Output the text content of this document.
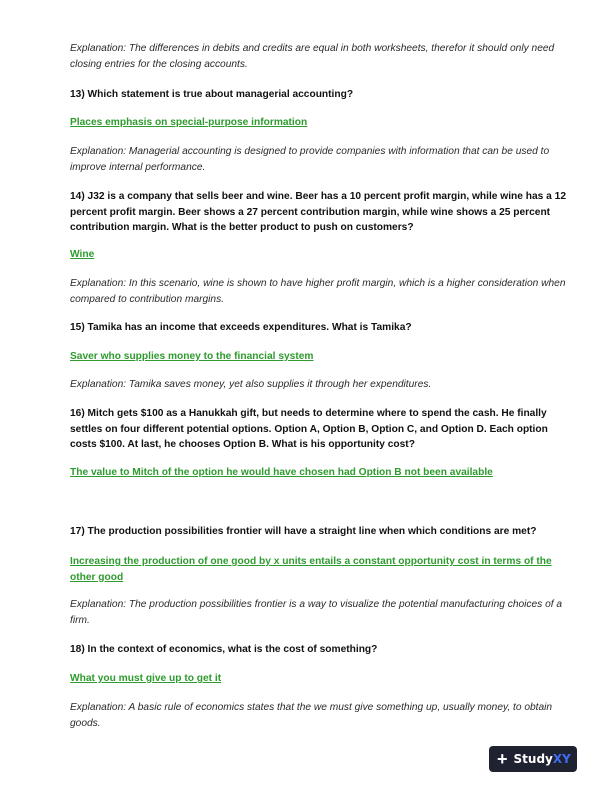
Explanation: The differences in debits and credits are equal in both worksheets, therefor it should only need closing entries for the closing accounts.
13) Which statement is true about managerial accounting?
Places emphasis on special-purpose information
Explanation: Managerial accounting is designed to provide companies with information that can be used to improve internal performance.
14) J32 is a company that sells beer and wine. Beer has a 10 percent profit margin, while wine has a 12 percent profit margin. Beer shows a 27 percent contribution margin, while wine shows a 25 percent contribution margin. What is the better product to push on customers?
Wine
Explanation: In this scenario, wine is shown to have higher profit margin, which is a higher consideration when compared to contribution margins.
15) Tamika has an income that exceeds expenditures. What is Tamika?
Saver who supplies money to the financial system
Explanation: Tamika saves money, yet also supplies it through her expenditures.
16) Mitch gets $100 as a Hanukkah gift, but needs to determine where to spend the cash. He finally settles on four different potential options. Option A, Option B, Option C, and Option D. Each option costs $100. At last, he chooses Option B. What is his opportunity cost?
The value to Mitch of the option he would have chosen had Option B not been available
17) The production possibilities frontier will have a straight line when which conditions are met?
Increasing the production of one good by x units entails a constant opportunity cost in terms of the other good
Explanation: The production possibilities frontier is a way to visualize the potential manufacturing choices of a firm.
18) In the context of economics, what is the cost of something?
What you must give up to get it
Explanation: A basic rule of economics states that the we must give something up, usually money, to obtain goods.
+ StudyXY
